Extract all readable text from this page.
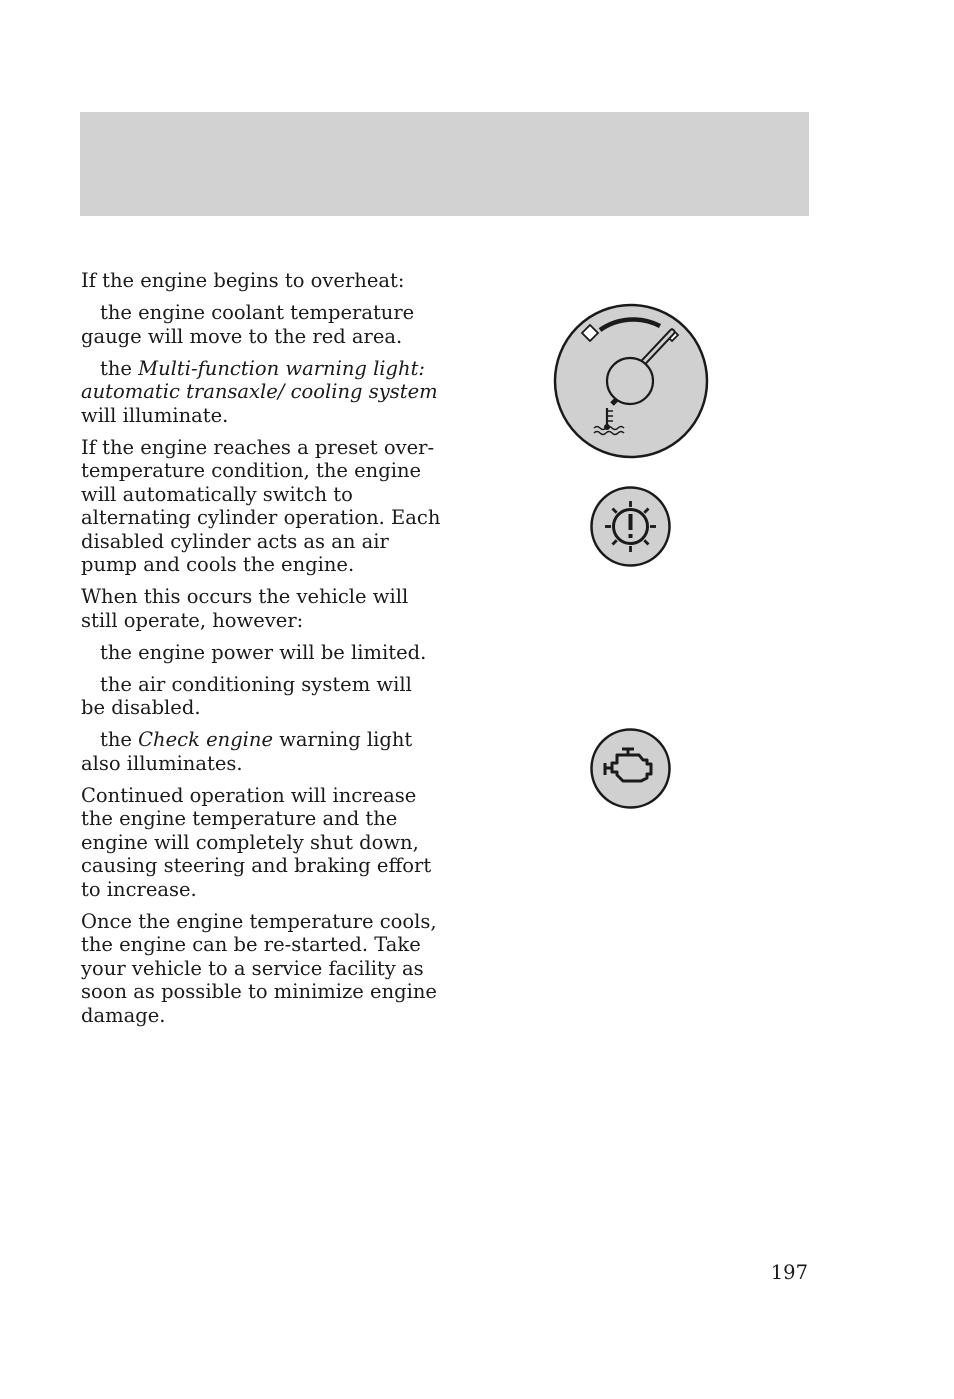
If the engine begins to overheat:

the engine coolant temperature gauge will move to the red area.

the Multi-function warning light: automatic transaxle/ cooling system will illuminate.

If the engine reaches a preset over-temperature condition, the engine will automatically switch to alternating cylinder operation. Each disabled cylinder acts as an air pump and cools the engine.

When this occurs the vehicle will still operate, however:

the engine power will be limited.

the air conditioning system will be disabled.

the Check engine warning light also illuminates.

Continued operation will increase the engine temperature and the engine will completely shut down, causing steering and braking effort to increase.

Once the engine temperature cools, the engine can be re-started. Take your vehicle to a service facility as soon as possible to minimize engine damage.

197
